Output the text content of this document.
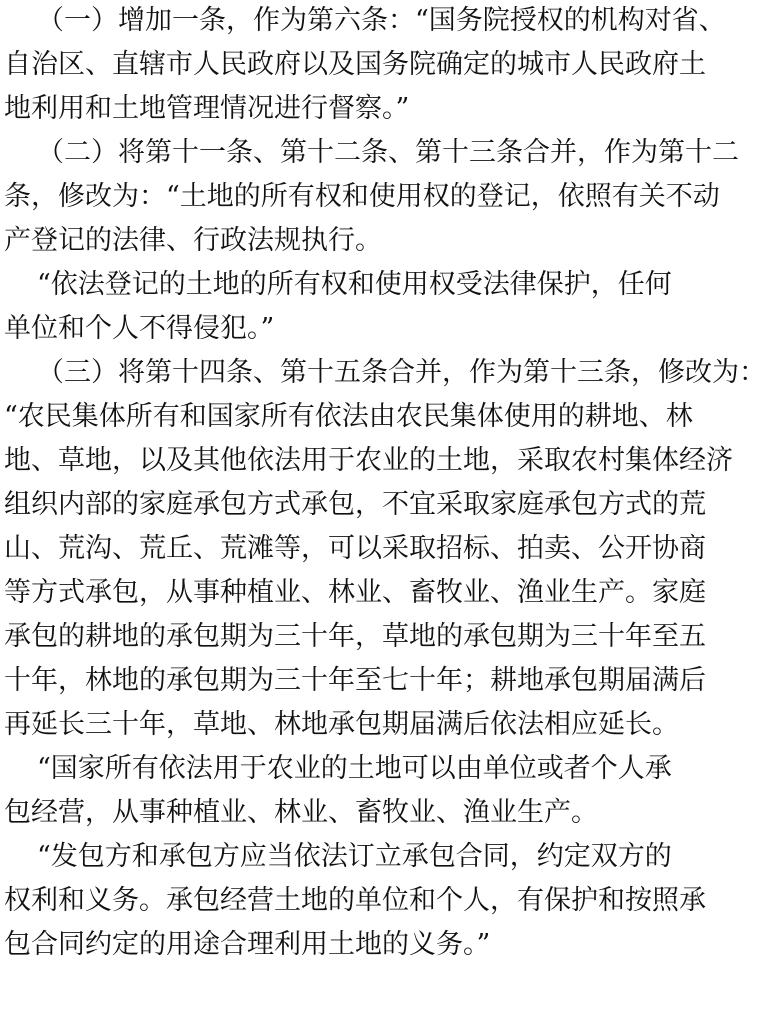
（一）增加一条，作为第六条：“国务院授权的机构对省、
自治区、直辖市人民政府以及国务院确定的城市人民政府土
地利用和土地管理情况进行督察。”
（二）将第十一条、第十二条、第十三条合并，作为第十二
条，修改为：“土地的所有权和使用权的登记，依照有关不动
产登记的法律、行政法规执行。
“依法登记的土地的所有权和使用权受法律保护，任何
单位和个人不得侵犯。”
（三）将第十四条、第十五条合并，作为第十三条，修改为：
“农民集体所有和国家所有依法由农民集体使用的耕地、林
地、草地，以及其他依法用于农业的土地，采取农村集体经济
组织内部的家庭承包方式承包，不宜采取家庭承包方式的荒
山、荒沟、荒丘、荒滩等，可以采取招标、拍卖、公开协商
等方式承包，从事种植业、林业、畜牧业、渔业生产。家庭
承包的耕地的承包期为三十年，草地的承包期为三十年至五
十年，林地的承包期为三十年至七十年；耕地承包期届满后
再延长三十年，草地、林地承包期届满后依法相应延长。
“国家所有依法用于农业的土地可以由单位或者个人承
包经营，从事种植业、林业、畜牧业、渔业生产。
“发包方和承包方应当依法订立承包合同，约定双方的
权利和义务。承包经营土地的单位和个人，有保护和按照承
包合同约定的用途合理利用土地的义务。”
